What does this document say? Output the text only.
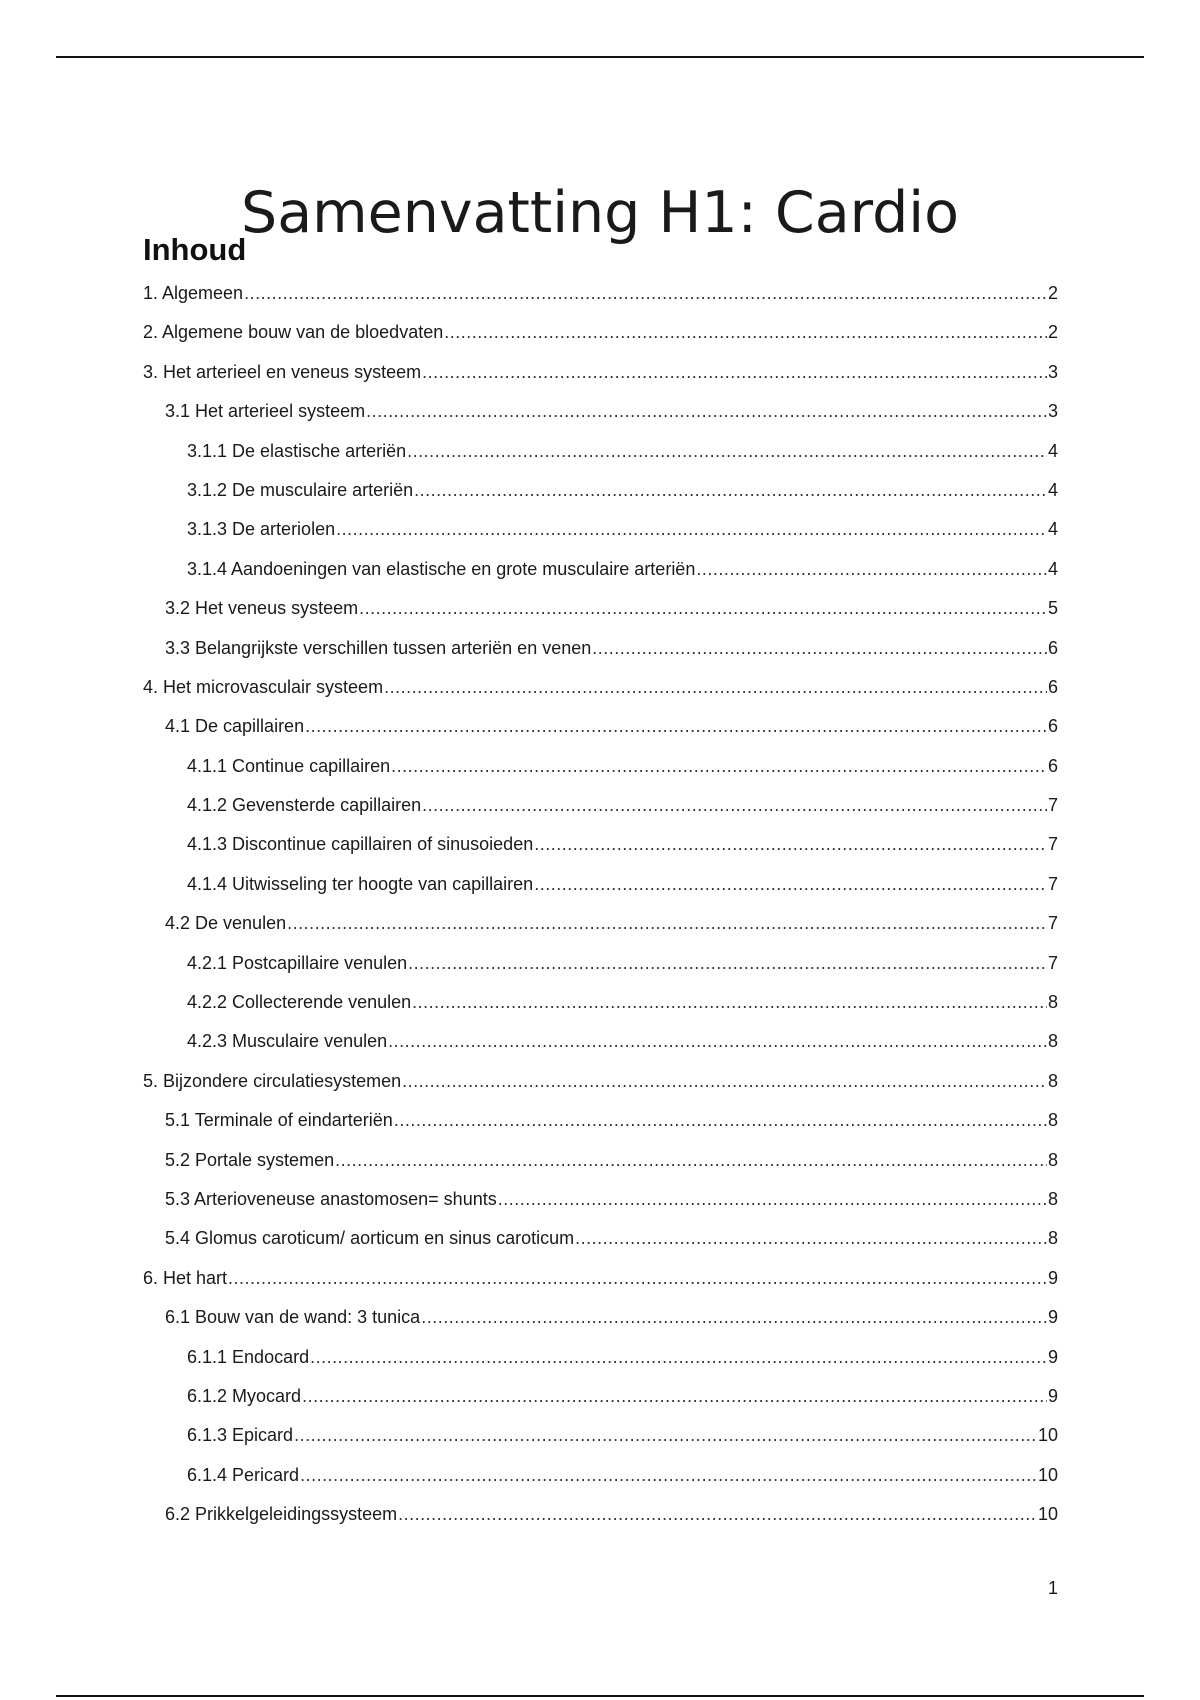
Samenvatting H1: Cardio
Inhoud
1. Algemeen .....	2
2. Algemene bouw van de bloedvaten .....	2
3. Het arterieel en veneus systeem .....	3
3.1 Het arterieel systeem .....	3
3.1.1 De elastische arteriën .....	4
3.1.2 De musculaire arteriën .....	4
3.1.3 De arteriolen .....	4
3.1.4 Aandoeningen van elastische en grote musculaire arteriën .....	4
3.2 Het veneus systeem .....	5
3.3 Belangrijkste verschillen tussen arteriën en venen .....	6
4. Het microvasculair systeem .....	6
4.1 De capillairen .....	6
4.1.1 Continue capillairen .....	6
4.1.2 Gevensterde capillairen .....	7
4.1.3 Discontinue capillairen of sinusoieden .....	7
4.1.4 Uitwisseling ter hoogte van capillairen .....	7
4.2 De venulen .....	7
4.2.1 Postcapillaire venulen .....	7
4.2.2 Collecterende venulen .....	8
4.2.3 Musculaire venulen .....	8
5. Bijzondere circulatiesystemen .....	8
5.1 Terminale of eindarteriën .....	8
5.2 Portale systemen .....	8
5.3 Arterioveneuse anastomosen= shunts .....	8
5.4 Glomus caroticum/ aorticum en sinus caroticum .....	8
6. Het hart .....	9
6.1 Bouw van de wand: 3 tunica .....	9
6.1.1 Endocard .....	9
6.1.2 Myocard .....	9
6.1.3 Epicard .....	10
6.1.4 Pericard .....	10
6.2 Prikkelgeleidingssysteem .....	10
1
